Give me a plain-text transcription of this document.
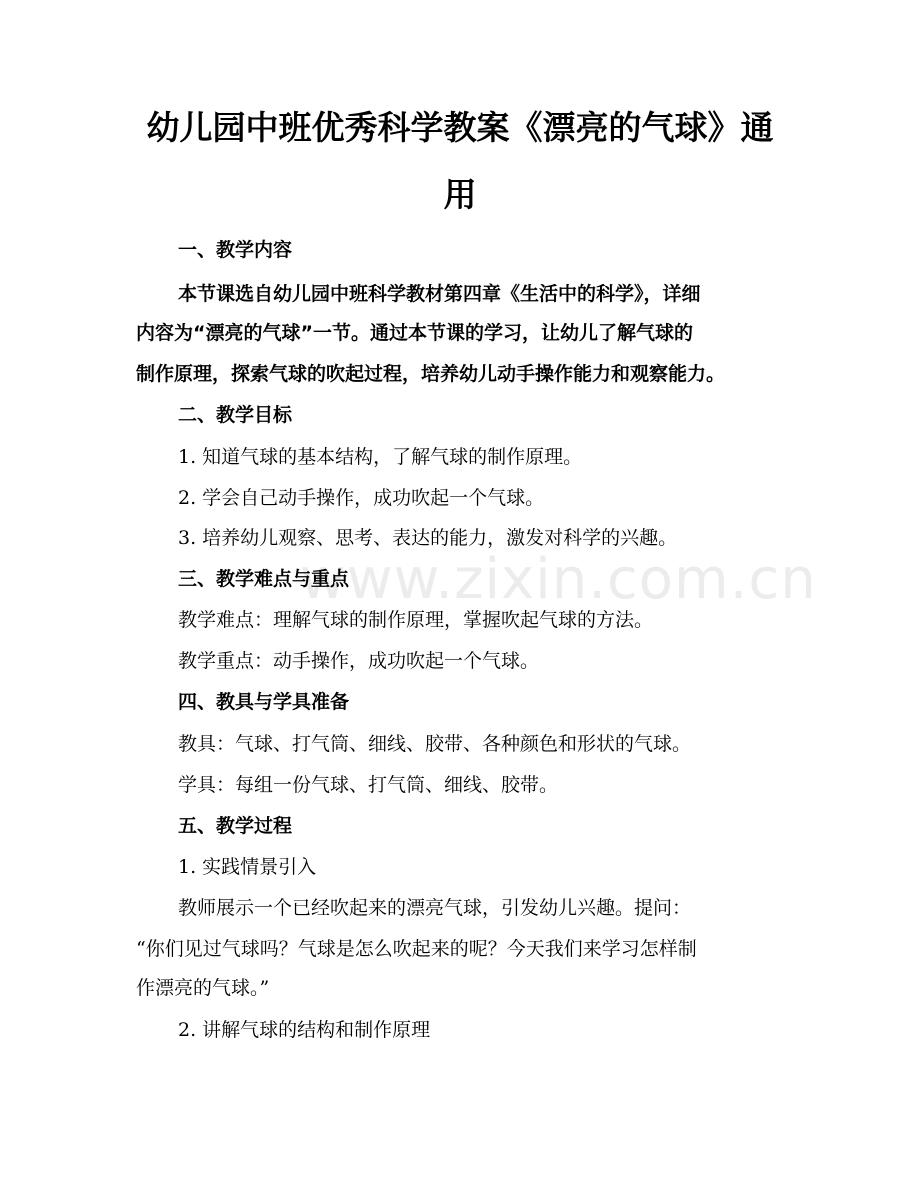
www.zixin.com.cn
幼儿园中班优秀科学教案《漂亮的气球》通
用
一、教学内容
本节课选自幼儿园中班科学教材第四章《生活中的科学》，详细
内容为“漂亮的气球”一节。通过本节课的学习，让幼儿了解气球的
制作原理，探索气球的吹起过程，培养幼儿动手操作能力和观察能力。
二、教学目标
1. 知道气球的基本结构，了解气球的制作原理。
2. 学会自己动手操作，成功吹起一个气球。
3. 培养幼儿观察、思考、表达的能力，激发对科学的兴趣。
三、教学难点与重点
教学难点：理解气球的制作原理，掌握吹起气球的方法。
教学重点：动手操作，成功吹起一个气球。
四、教具与学具准备
教具：气球、打气筒、细线、胶带、各种颜色和形状的气球。
学具：每组一份气球、打气筒、细线、胶带。
五、教学过程
1. 实践情景引入
教师展示一个已经吹起来的漂亮气球，引发幼儿兴趣。提问：
“你们见过气球吗？气球是怎么吹起来的呢？今天我们来学习怎样制
作漂亮的气球。”
2. 讲解气球的结构和制作原理
